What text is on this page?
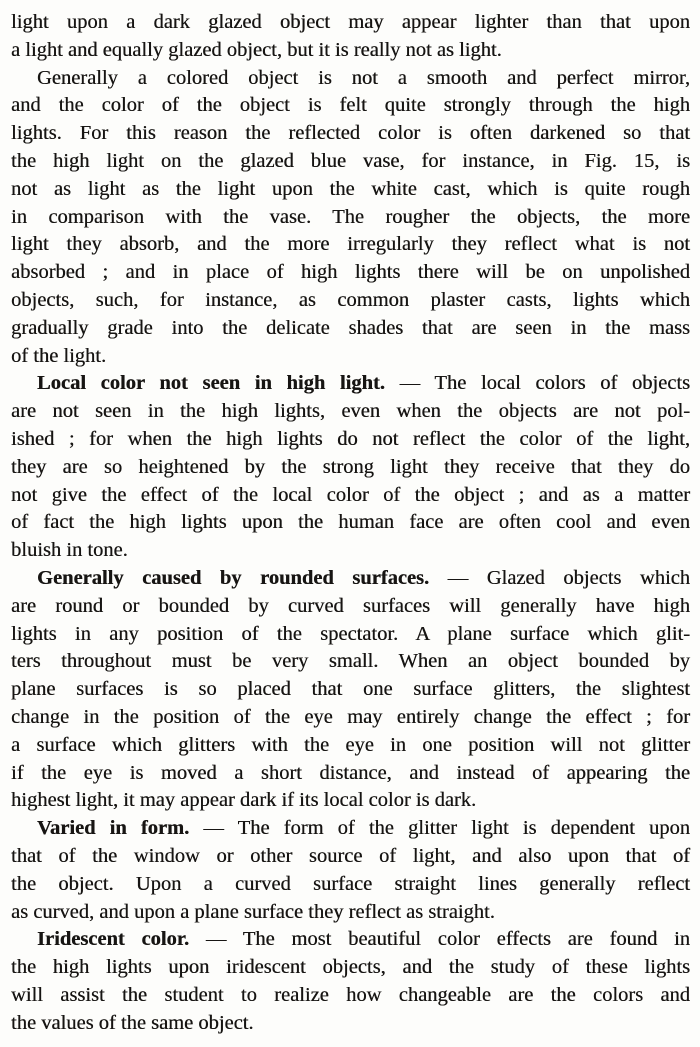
light upon a dark glazed object may appear lighter than that upon
a light and equally glazed object, but it is really not as light.
Generally a colored object is not a smooth and perfect mirror,
and the color of the object is felt quite strongly through the high
lights. For this reason the reflected color is often darkened so that
the high light on the glazed blue vase, for instance, in Fig. 15, is
not as light as the light upon the white cast, which is quite rough
in comparison with the vase. The rougher the objects, the more
light they absorb, and the more irregularly they reflect what is not
absorbed ; and in place of high lights there will be on unpolished
objects, such, for instance, as common plaster casts, lights which
gradually grade into the delicate shades that are seen in the mass
of the light.
Local color not seen in high light. — The local colors of objects
are not seen in the high lights, even when the objects are not pol-
ished ; for when the high lights do not reflect the color of the light,
they are so heightened by the strong light they receive that they do
not give the effect of the local color of the object ; and as a matter
of fact the high lights upon the human face are often cool and even
bluish in tone.
Generally caused by rounded surfaces. — Glazed objects which
are round or bounded by curved surfaces will generally have high
lights in any position of the spectator. A plane surface which glit-
ters throughout must be very small. When an object bounded by
plane surfaces is so placed that one surface glitters, the slightest
change in the position of the eye may entirely change the effect ; for
a surface which glitters with the eye in one position will not glitter
if the eye is moved a short distance, and instead of appearing the
highest light, it may appear dark if its local color is dark.
Varied in form. — The form of the glitter light is dependent upon
that of the window or other source of light, and also upon that of
the object. Upon a curved surface straight lines generally reflect
as curved, and upon a plane surface they reflect as straight.
Iridescent color. — The most beautiful color effects are found in
the high lights upon iridescent objects, and the study of these lights
will assist the student to realize how changeable are the colors and
the values of the same object.
